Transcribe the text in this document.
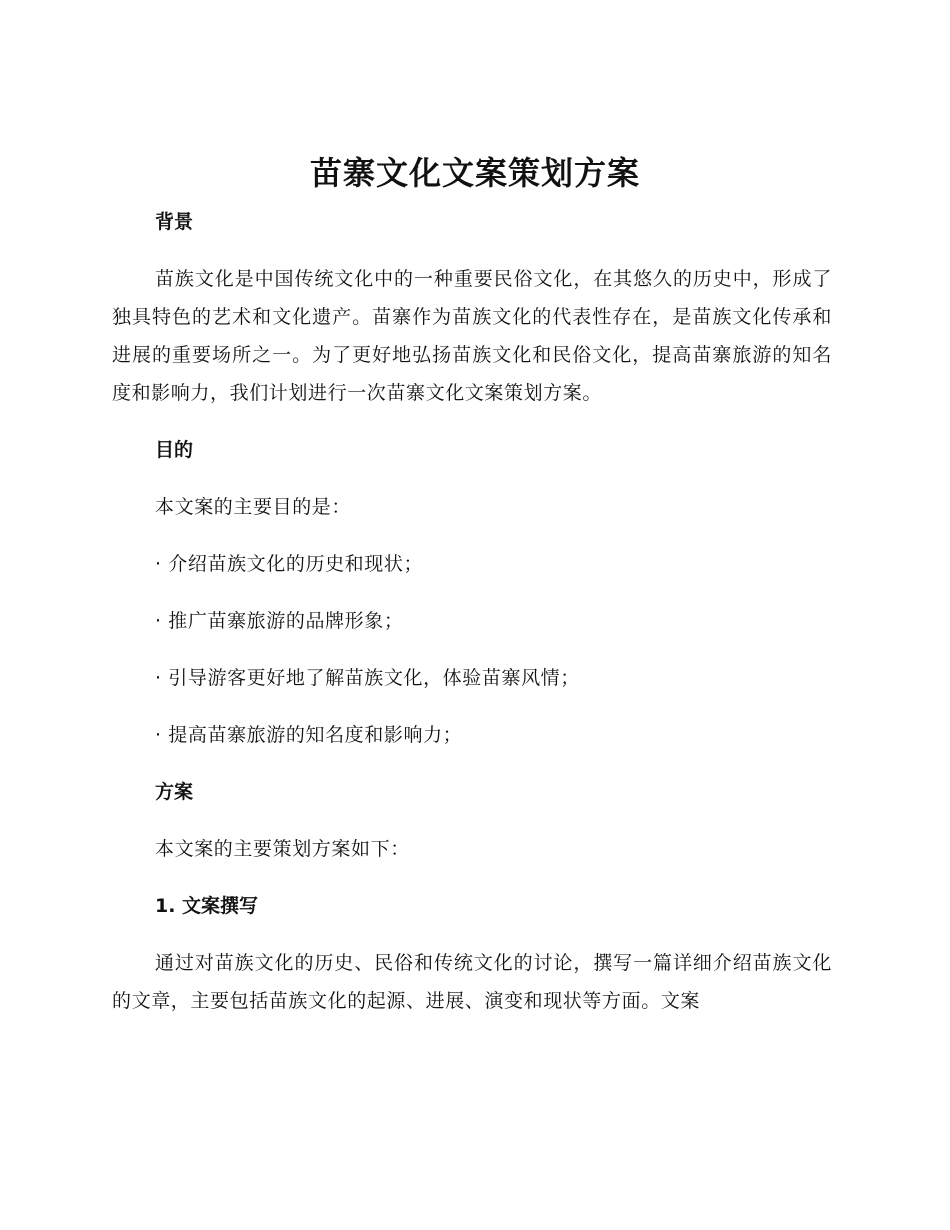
苗寨文化文案策划方案
背景
苗族文化是中国传统文化中的一种重要民俗文化，在其悠久的历史中，形成了独具特色的艺术和文化遗产。苗寨作为苗族文化的代表性存在，是苗族文化传承和进展的重要场所之一。为了更好地弘扬苗族文化和民俗文化，提高苗寨旅游的知名度和影响力，我们计划进行一次苗寨文化文案策划方案。
目的
本文案的主要目的是：
· 介绍苗族文化的历史和现状；
· 推广苗寨旅游的品牌形象；
· 引导游客更好地了解苗族文化，体验苗寨风情；
· 提高苗寨旅游的知名度和影响力；
方案
本文案的主要策划方案如下：
1. 文案撰写
通过对苗族文化的历史、民俗和传统文化的讨论，撰写一篇详细介绍苗族文化的文章，主要包括苗族文化的起源、进展、演变和现状等方面。文案
